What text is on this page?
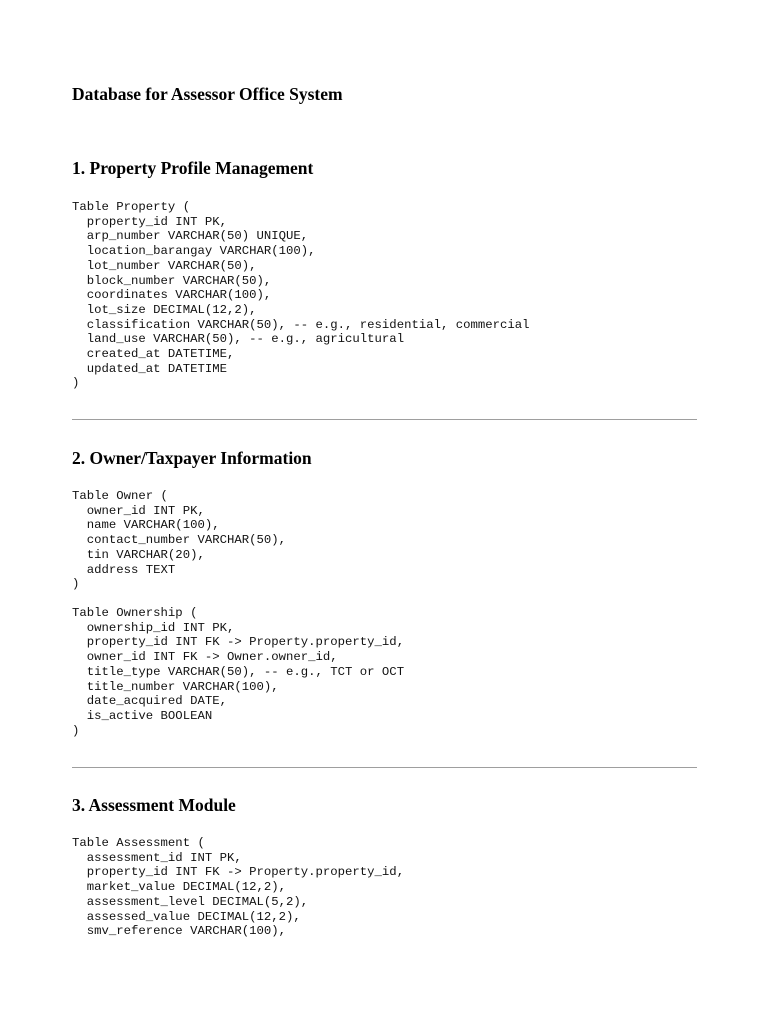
Database for Assessor Office System
1. Property Profile Management
Table Property (
property_id INT PK,
arp_number VARCHAR(50) UNIQUE,
location_barangay VARCHAR(100),
lot_number VARCHAR(50),
block_number VARCHAR(50),
coordinates VARCHAR(100),
lot_size DECIMAL(12,2),
classification VARCHAR(50), -- e.g., residential, commercial
land_use VARCHAR(50), -- e.g., agricultural
created_at DATETIME,
updated_at DATETIME
)
2. Owner/Taxpayer Information
Table Owner (
owner_id INT PK,
name VARCHAR(100),
contact_number VARCHAR(50),
tin VARCHAR(20),
address TEXT
)
Table Ownership (
ownership_id INT PK,
property_id INT FK -> Property.property_id,
owner_id INT FK -> Owner.owner_id,
title_type VARCHAR(50), -- e.g., TCT or OCT
title_number VARCHAR(100),
date_acquired DATE,
is_active BOOLEAN
)
3. Assessment Module
Table Assessment (
assessment_id INT PK,
property_id INT FK -> Property.property_id,
market_value DECIMAL(12,2),
assessment_level DECIMAL(5,2),
assessed_value DECIMAL(12,2),
smv_reference VARCHAR(100),
